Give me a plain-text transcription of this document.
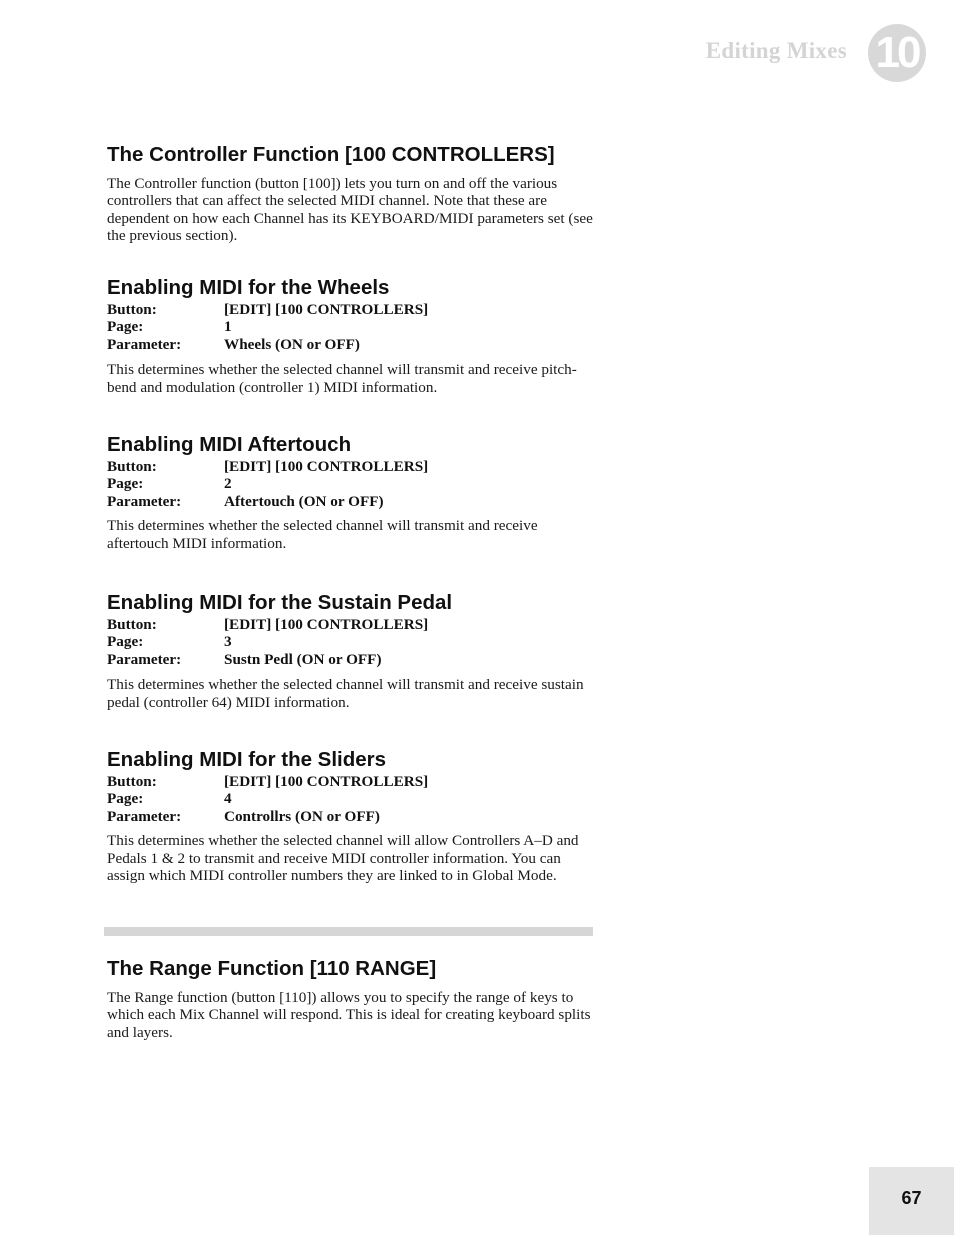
Editing Mixes 10
The Controller Function [100 CONTROLLERS]

The Controller function (button [100]) lets you turn on and off the various controllers that can affect the selected MIDI channel. Note that these are dependent on how each Channel has its KEYBOARD/MIDI parameters set (see the previous section).

Enabling MIDI for the Wheels
Button:	[EDIT] [100 CONTROLLERS]
Page:	1
Parameter:	Wheels (ON or OFF)

This determines whether the selected channel will transmit and receive pitch-bend and modulation (controller 1) MIDI information.

Enabling MIDI Aftertouch
Button:	[EDIT] [100 CONTROLLERS]
Page:	2
Parameter:	Aftertouch (ON or OFF)

This determines whether the selected channel will transmit and receive aftertouch MIDI information.

Enabling MIDI for the Sustain Pedal
Button:	[EDIT] [100 CONTROLLERS]
Page:	3
Parameter:	Sustn Pedl (ON or OFF)

This determines whether the selected channel will transmit and receive sustain pedal (controller 64) MIDI information.

Enabling MIDI for the Sliders
Button:	[EDIT] [100 CONTROLLERS]
Page:	4
Parameter:	Controllrs (ON or OFF)

This determines whether the selected channel will allow Controllers A–D and Pedals 1 & 2 to transmit and receive MIDI controller information. You can assign which MIDI controller numbers they are linked to in Global Mode.

The Range Function [110 RANGE]

The Range function (button [110]) allows you to specify the range of keys to which each Mix Channel will respond. This is ideal for creating keyboard splits and layers.

67
